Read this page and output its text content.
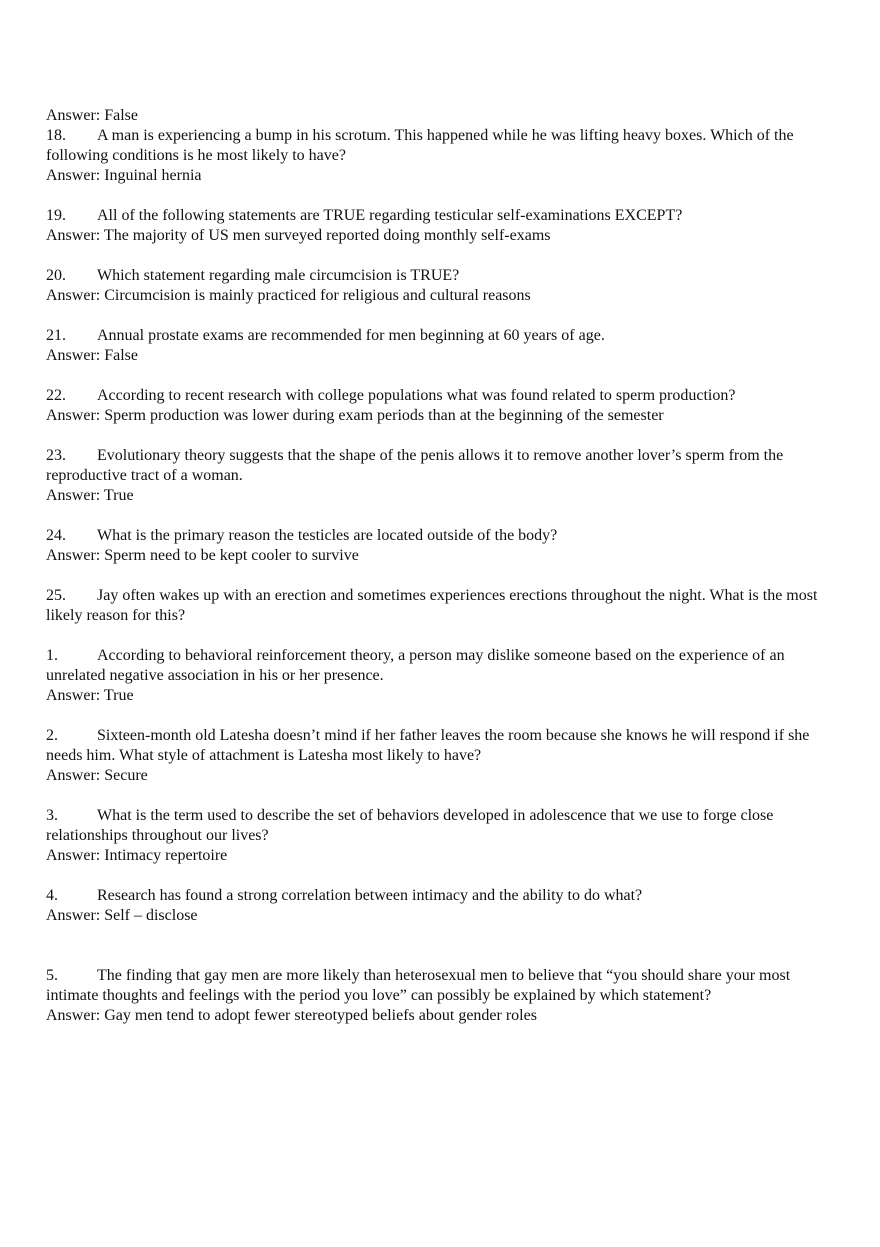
Answer: False
18. A man is experiencing a bump in his scrotum. This happened while he was lifting heavy boxes. Which of the following conditions is he most likely to have?
Answer: Inguinal hernia
19. All of the following statements are TRUE regarding testicular self-examinations EXCEPT?
Answer: The majority of US men surveyed reported doing monthly self-exams
20. Which statement regarding male circumcision is TRUE?
Answer: Circumcision is mainly practiced for religious and cultural reasons
21. Annual prostate exams are recommended for men beginning at 60 years of age.
Answer: False
22. According to recent research with college populations what was found related to sperm production?
Answer: Sperm production was lower during exam periods than at the beginning of the semester
23. Evolutionary theory suggests that the shape of the penis allows it to remove another lover’s sperm from the reproductive tract of a woman.
Answer: True
24. What is the primary reason the testicles are located outside of the body?
Answer: Sperm need to be kept cooler to survive
25. Jay often wakes up with an erection and sometimes experiences erections throughout the night. What is the most likely reason for this?
1. According to behavioral reinforcement theory, a person may dislike someone based on the experience of an unrelated negative association in his or her presence.
Answer: True
2. Sixteen-month old Latesha doesn’t mind if her father leaves the room because she knows he will respond if she needs him. What style of attachment is Latesha most likely to have?
Answer: Secure
3. What is the term used to describe the set of behaviors developed in adolescence that we use to forge close relationships throughout our lives?
Answer: Intimacy repertoire
4. Research has found a strong correlation between intimacy and the ability to do what?
Answer: Self – disclose
5. The finding that gay men are more likely than heterosexual men to believe that “you should share your most intimate thoughts and feelings with the period you love” can possibly be explained by which statement?
Answer: Gay men tend to adopt fewer stereotyped beliefs about gender roles
